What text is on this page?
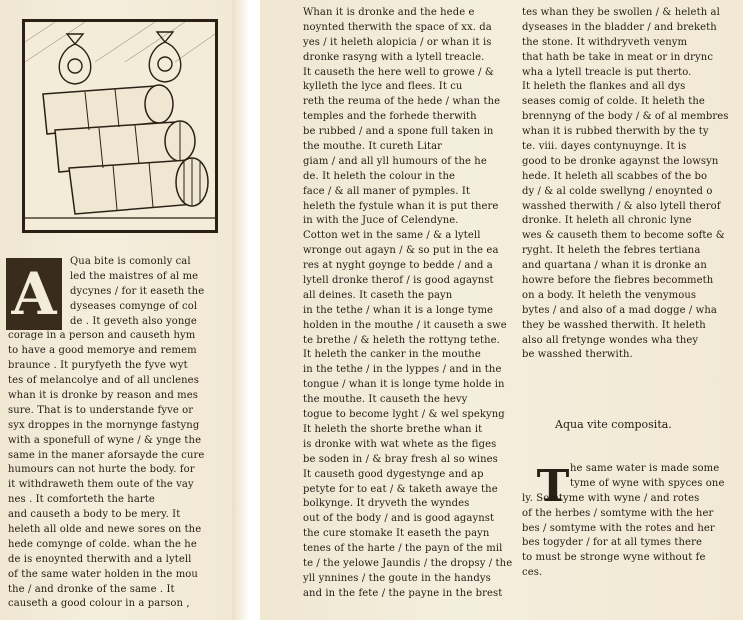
A	Qua bite is comonly cal
led the maistres of al me
dycynes / for it easeth the
dyseases comynge of col
de . It geveth also yonge
corage in a person and causeth hym
to have a good memorye and remem
braunce . It puryfyeth the fyve wyt
tes of melancolye and of all unclenes
whan it is dronke by reason and mes
sure. That is to understande fyve or
syx droppes in the mornynge fastyng
with a sponefull of wyne / & ynge the
same in the maner aforsayde the cure
humours can not hurte the body. for
it withdraweth them oute of the vay
nes . It comforteth the harte
and causeth a body to be mery. It
heleth all olde and newe sores on the
hede comynge of colde. whan the he
de is enoynted therwith and a lytell
of the same water holden in the mou
the / and dronke of the same . It
causeth a good colour in a parson ,
Whan it is dronke and the hede e
noynted therwith the space of xx. da
yes / it heleth alopicia / or whan it is
dronke rasyng with a lytell treacle.
It causeth the here well to growe / &
kylleth the lyce and flees. It cu
reth the reuma of the hede / whan the
temples and the forhede therwith
be rubbed / and a spone full taken in
the mouthe. It cureth Litar
giam / and all yll humours of the he
de. It heleth the colour in the
face / & all maner of pymples. It
heleth the fystule whan it is put there
in with the Juce of Celendyne.
Cotton wet in the same / & a lytell
wronge out agayn / & so put in the ea
res at nyght goynge to bedde / and a
lytell dronke therof / is good agaynst
all deines. It caseth the payn
in the tethe / whan it is a longe tyme
holden in the mouthe / it causeth a swe
te brethe / & heleth the rottyng tethe.
It heleth the canker in the mouthe
in the tethe / in the lyppes / and in the
tongue / whan it is longe tyme holde in
the mouthe. It causeth the hevy
togue to become lyght / & wel spekyng
It heleth the shorte brethe whan it
is dronke with wat whete as the figes
be soden in / & bray fresh al so wines
It causeth good dygestynge and ap
petyte for to eat / & taketh awaye the
bolkynge. It dryveth the wyndes
out of the body / and is good agaynst
the cure stomake It easeth the payn
tenes of the harte / the payn of the mil
te / the yelowe Jaundis / the dropsy / the
yll ynnines / the goute in the handys
and in the fete / the payne in the brest
tes whan they be swollen / & heleth al
dyseases in the bladder / and breketh
the stone. It withdryveth venym
that hath be take in meat or in drync
wha a lytell treacle is put therto.
It heleth the flankes and all dys
seases comig of colde. It heleth the
brennyng of the body / & of al membres
whan it is rubbed therwith by the ty
te. viii. dayes contynuynge. It is
good to be dronke agaynst the lowsyn
hede. It heleth all scabbes of the bo
dy / & al colde swellyng / enoynted o
wasshed therwith / & also lytell therof
dronke. It heleth all chronic lyne
wes & causeth them to become softe &
ryght. It heleth the febres tertiana
and quartana / whan it is dronke an
howre before the fiebres becommeth
on a body. It heleth the venymous
bytes / and also of a mad dogge / wha
they be wasshed therwith. It heleth
also all fretynge wondes wha they
be wasshed therwith.
Aqua vite composita.
T he same water is made some
tyme of wyne with spyces one
ly. Somtyme with wyne / and rotes
of the herbes / somtyme with the her
bes / somtyme with the rotes and her
bes togyder / for at all tymes there
to must be stronge wyne without fe
ces.
